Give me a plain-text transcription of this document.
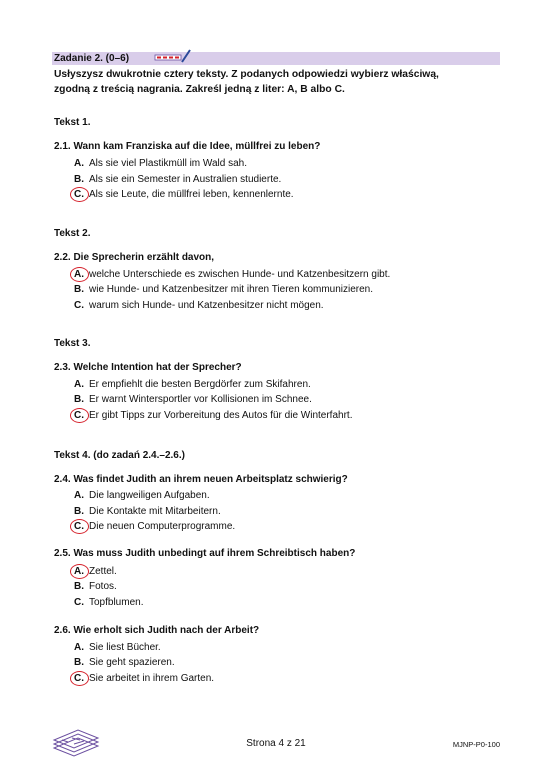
Zadanie 2. (0–6)
Usłyszysz dwukrotnie cztery teksty. Z podanych odpowiedzi wybierz właściwą,
zgodną z treścią nagrania. Zakreśl jedną z liter: A, B albo C.
Tekst 1.
2.1. Wann kam Franziska auf die Idee, müllfrei zu leben?
A. Als sie viel Plastikmüll im Wald sah.
B. Als sie ein Semester in Australien studierte.
C. Als sie Leute, die müllfrei leben, kennenlernte.
Tekst 2.
2.2. Die Sprecherin erzählt davon,
A. welche Unterschiede es zwischen Hunde- und Katzenbesitzern gibt.
B. wie Hunde- und Katzenbesitzer mit ihren Tieren kommunizieren.
C. warum sich Hunde- und Katzenbesitzer nicht mögen.
Tekst 3.
2.3. Welche Intention hat der Sprecher?
A. Er empfiehlt die besten Bergdörfer zum Skifahren.
B. Er warnt Wintersportler vor Kollisionen im Schnee.
C. Er gibt Tipps zur Vorbereitung des Autos für die Winterfahrt.
Tekst 4. (do zadań 2.4.–2.6.)
2.4. Was findet Judith an ihrem neuen Arbeitsplatz schwierig?
A. Die langweiligen Aufgaben.
B. Die Kontakte mit Mitarbeitern.
C. Die neuen Computerprogramme.
2.5. Was muss Judith unbedingt auf ihrem Schreibtisch haben?
A. Zettel.
B. Fotos.
C. Topfblumen.
2.6. Wie erholt sich Judith nach der Arbeit?
A. Sie liest Bücher.
B. Sie geht spazieren.
C. Sie arbeitet in ihrem Garten.
Strona 4 z 21	MJNP-P0-100
